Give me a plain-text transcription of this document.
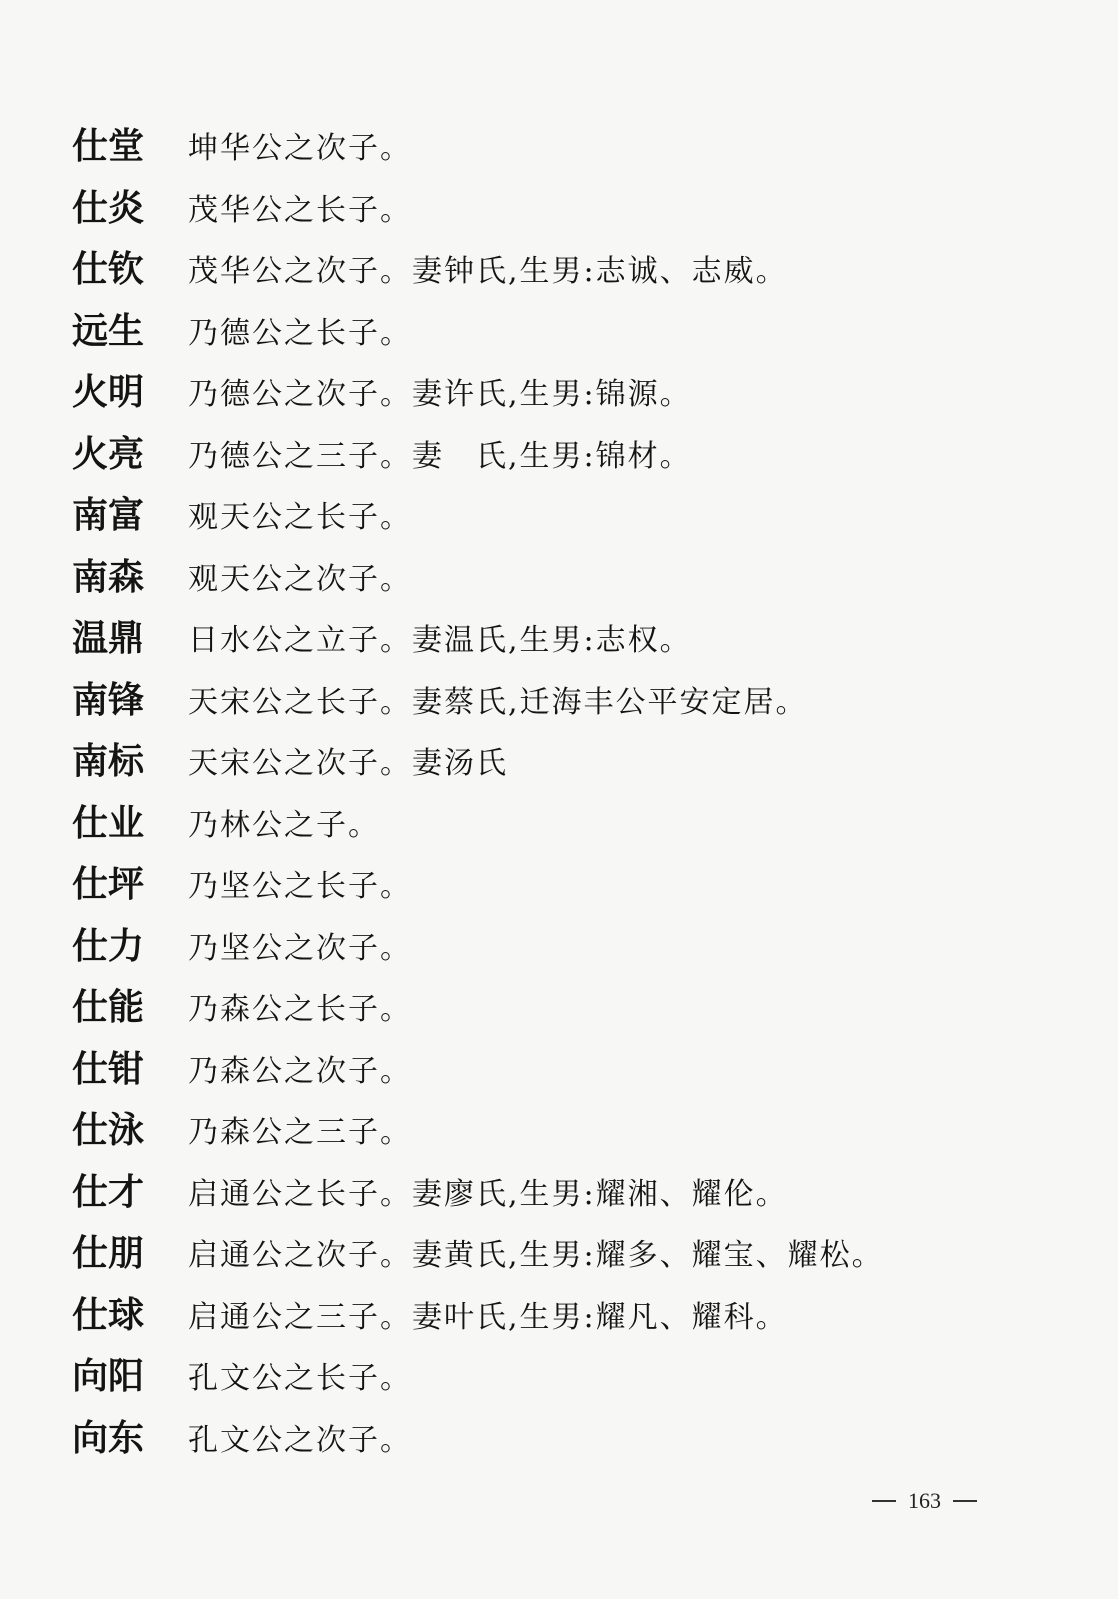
仕堂	坤华公之次子。
仕炎	茂华公之长子。
仕钦	茂华公之次子。妻钟氏,生男:志诚、志威。
远生	乃德公之长子。
火明	乃德公之次子。妻许氏,生男:锦源。
火亮	乃德公之三子。妻　氏,生男:锦材。
南富	观天公之长子。
南森	观天公之次子。
温鼎	日水公之立子。妻温氏,生男:志权。
南锋	天宋公之长子。妻蔡氏,迁海丰公平安定居。
南标	天宋公之次子。妻汤氏
仕业	乃林公之子。
仕坪	乃坚公之长子。
仕力	乃坚公之次子。
仕能	乃森公之长子。
仕钳	乃森公之次子。
仕泳	乃森公之三子。
仕才	启通公之长子。妻廖氏,生男:耀湘、耀伦。
仕朋	启通公之次子。妻黄氏,生男:耀多、耀宝、耀松。
仕球	启通公之三子。妻叶氏,生男:耀凡、耀科。
向阳	孔文公之长子。
向东	孔文公之次子。
163
